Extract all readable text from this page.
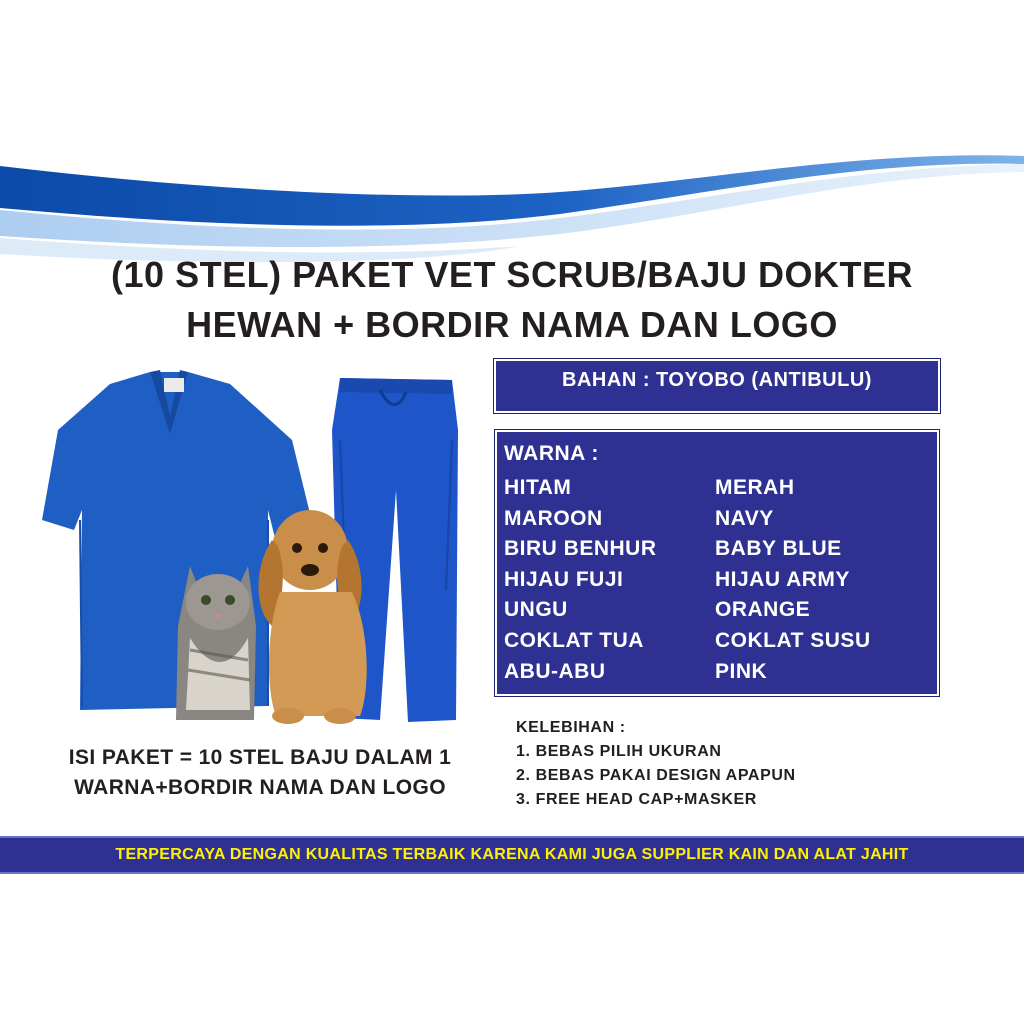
(10 STEL) PAKET VET SCRUB/BAJU DOKTER
HEWAN + BORDIR NAMA DAN LOGO
BAHAN : TOYOBO (ANTIBULU)
WARNA :
HITAM
MAROON
BIRU BENHUR
HIJAU FUJI
UNGU
COKLAT TUA
ABU-ABU
MERAH
NAVY
BABY BLUE
HIJAU ARMY
ORANGE
COKLAT SUSU
PINK
KELEBIHAN :
1. BEBAS PILIH UKURAN
2. BEBAS PAKAI DESIGN APAPUN
3. FREE HEAD CAP+MASKER
ISI PAKET = 10 STEL BAJU DALAM 1
WARNA+BORDIR NAMA DAN LOGO
TERPERCAYA DENGAN KUALITAS TERBAIK KARENA KAMI JUGA SUPPLIER KAIN DAN ALAT JAHIT
